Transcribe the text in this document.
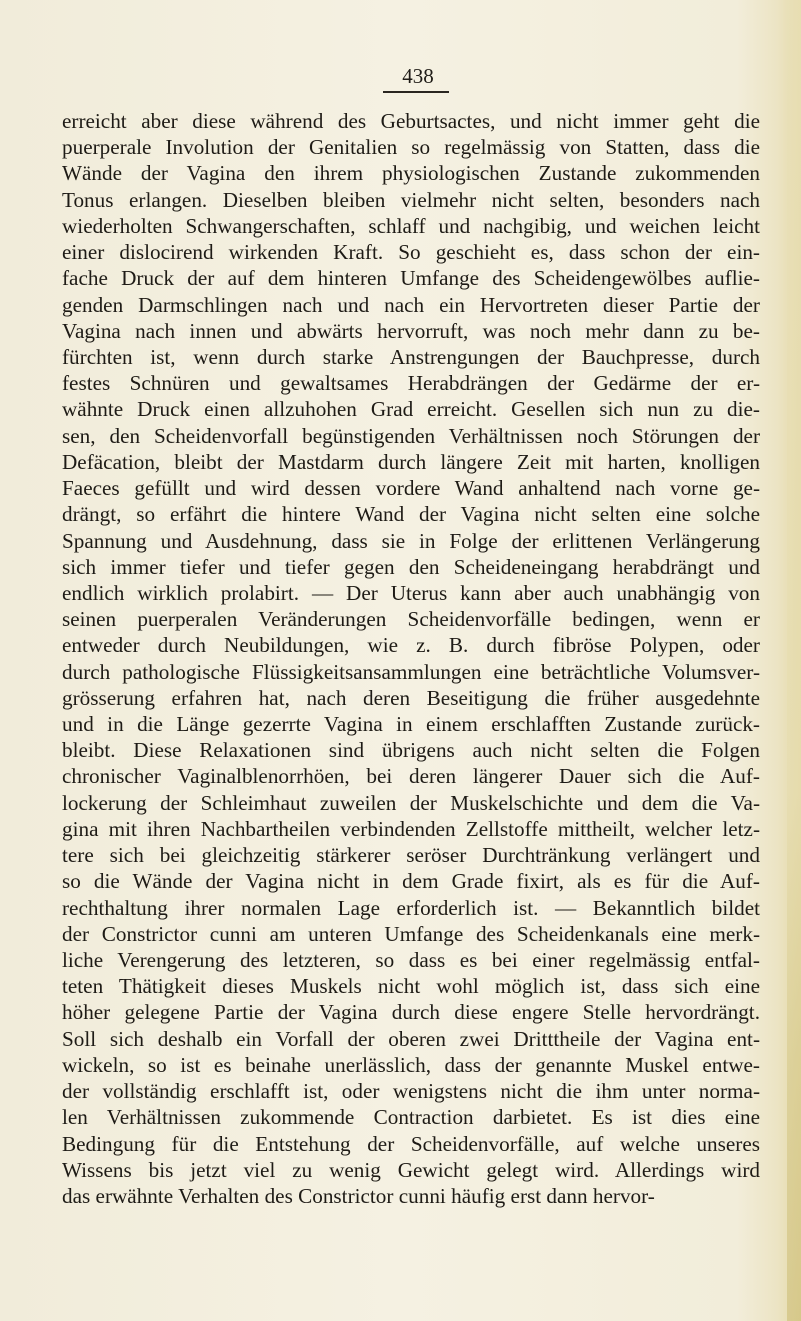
438
erreicht aber diese während des Geburtsactes, und nicht immer geht die
puerperale Involution der Genitalien so regelmässig von Statten, dass die
Wände der Vagina den ihrem physiologischen Zustande zukommenden
Tonus erlangen. Dieselben bleiben vielmehr nicht selten, besonders nach
wiederholten Schwangerschaften, schlaff und nachgibig, und weichen leicht
einer dislocirend wirkenden Kraft. So geschieht es, dass schon der ein-
fache Druck der auf dem hinteren Umfange des Scheidengewölbes auflie-
genden Darmschlingen nach und nach ein Hervortreten dieser Partie der
Vagina nach innen und abwärts hervorruft, was noch mehr dann zu be-
fürchten ist, wenn durch starke Anstrengungen der Bauchpresse, durch
festes Schnüren und gewaltsames Herabdrängen der Gedärme der er-
wähnte Druck einen allzuhohen Grad erreicht. Gesellen sich nun zu die-
sen, den Scheidenvorfall begünstigenden Verhältnissen noch Störungen der
Defäcation, bleibt der Mastdarm durch längere Zeit mit harten, knolligen
Faeces gefüllt und wird dessen vordere Wand anhaltend nach vorne ge-
drängt, so erfährt die hintere Wand der Vagina nicht selten eine solche
Spannung und Ausdehnung, dass sie in Folge der erlittenen Verlängerung
sich immer tiefer und tiefer gegen den Scheideneingang herabdrängt und
endlich wirklich prolabirt. — Der Uterus kann aber auch unabhängig von
seinen puerperalen Veränderungen Scheidenvorfälle bedingen, wenn er
entweder durch Neubildungen, wie z. B. durch fibröse Polypen, oder
durch pathologische Flüssigkeitsansammlungen eine beträchtliche Volumsver-
grösserung erfahren hat, nach deren Beseitigung die früher ausgedehnte
und in die Länge gezerrte Vagina in einem erschlafften Zustande zurück-
bleibt. Diese Relaxationen sind übrigens auch nicht selten die Folgen
chronischer Vaginalblenorrhöen, bei deren längerer Dauer sich die Auf-
lockerung der Schleimhaut zuweilen der Muskelschichte und dem die Va-
gina mit ihren Nachbartheilen verbindenden Zellstoffe mittheilt, welcher letz-
tere sich bei gleichzeitig stärkerer seröser Durchtränkung verlängert und
so die Wände der Vagina nicht in dem Grade fixirt, als es für die Auf-
rechthaltung ihrer normalen Lage erforderlich ist. — Bekanntlich bildet
der Constrictor cunni am unteren Umfange des Scheidenkanals eine merk-
liche Verengerung des letzteren, so dass es bei einer regelmässig entfal-
teten Thätigkeit dieses Muskels nicht wohl möglich ist, dass sich eine
höher gelegene Partie der Vagina durch diese engere Stelle hervordrängt.
Soll sich deshalb ein Vorfall der oberen zwei Dritttheile der Vagina ent-
wickeln, so ist es beinahe unerlässlich, dass der genannte Muskel entwe-
der vollständig erschlafft ist, oder wenigstens nicht die ihm unter norma-
len Verhältnissen zukommende Contraction darbietet. Es ist dies eine
Bedingung für die Entstehung der Scheidenvorfälle, auf welche unseres
Wissens bis jetzt viel zu wenig Gewicht gelegt wird. Allerdings wird
das erwähnte Verhalten des Constrictor cunni häufig erst dann hervor-
